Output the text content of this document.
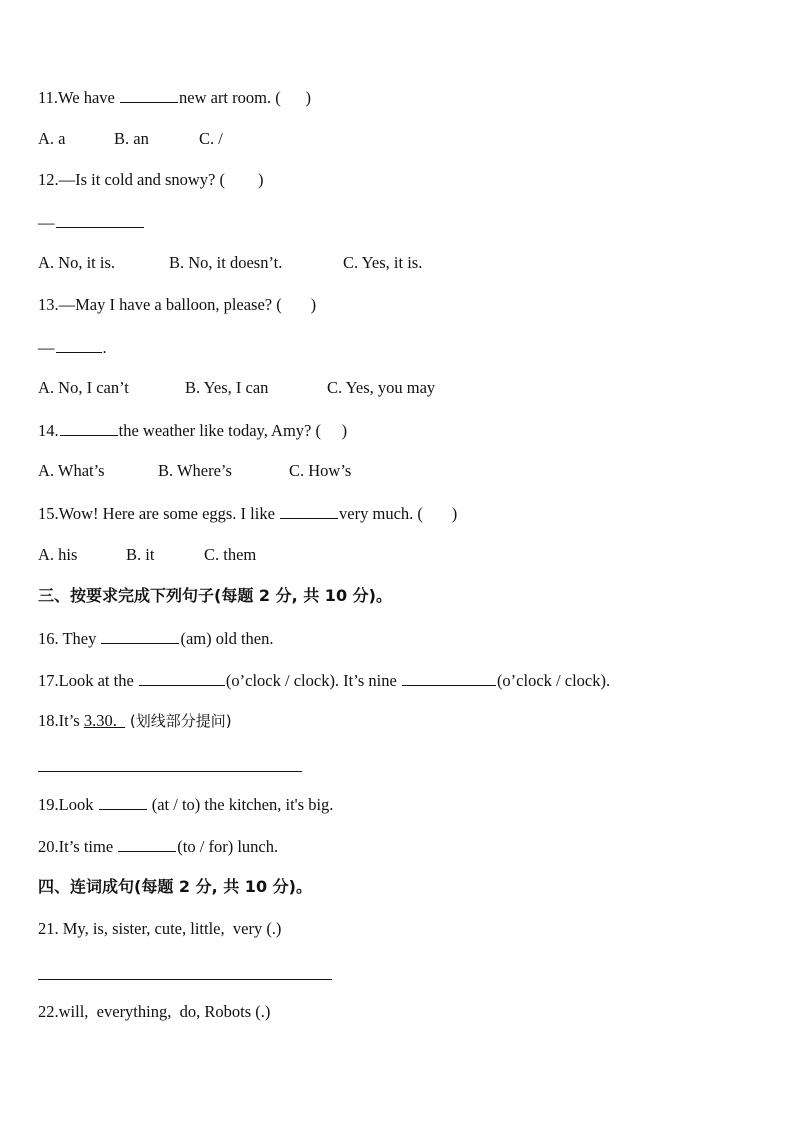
11.We have	new art room. (      )
A. a	B. an	C. /
12.—Is it cold and snowy? (        )
—
A. No, it is.	B. No, it doesn’t.	C. Yes, it is.
13.—May I have a balloon, please? (       )
—	.
A. No, I can’t	B. Yes, I can	C. Yes, you may
14.	the weather like today, Amy? (     )
A. What’s	B. Where’s	C. How’s
15.Wow! Here are some eggs. I like	very much. (       )
A. his	B. it	C. them
三、按要求完成下列句子(每题 2 分, 共 10 分)。
16. They	(am) old then.
17.Look at the	(o’clock / clock). It’s nine	(o’clock / clock).
18.It’s 3.30.   (划线部分提问)
19.Look	(at / to) the kitchen, it's big.
20.It’s time	(to / for) lunch.
四、连词成句(每题 2 分, 共 10 分)。
21. My, is, sister, cute, little,  very (.)
22.will,  everything,  do, Robots (.)
